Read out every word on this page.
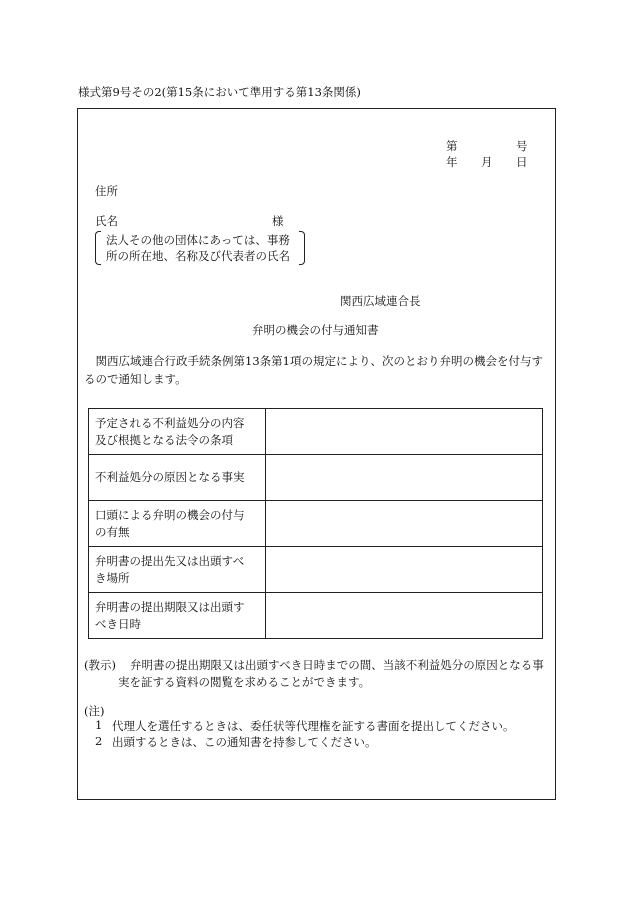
様式第9号その2(第15条において準用する第13条関係)
第	号
年 月 日
住所
氏名	様
法人その他の団体にあっては、事務
所の所在地、名称及び代表者の氏名
関西広域連合長
弁明の機会の付与通知書
関西広域連合行政手続条例第13条第1項の規定により、次のとおり弁明の機会を付与するので通知します。
予定される不利益処分の内容
及び根拠となる法令の条項	

不利益処分の原因となる事実	

口頭による弁明の機会の付与
の有無	

弁明書の提出先又は出頭すべ
き場所	

弁明書の提出期限又は出頭す
べき日時	

(教示) 弁明書の提出期限又は出頭すべき日時までの間、当該不利益処分の原因となる事
実を証する資料の閲覧を求めることができます。
(注)
1 代理人を選任するときは、委任状等代理権を証する書面を提出してください。
2 出頭するときは、この通知書を持参してください。
